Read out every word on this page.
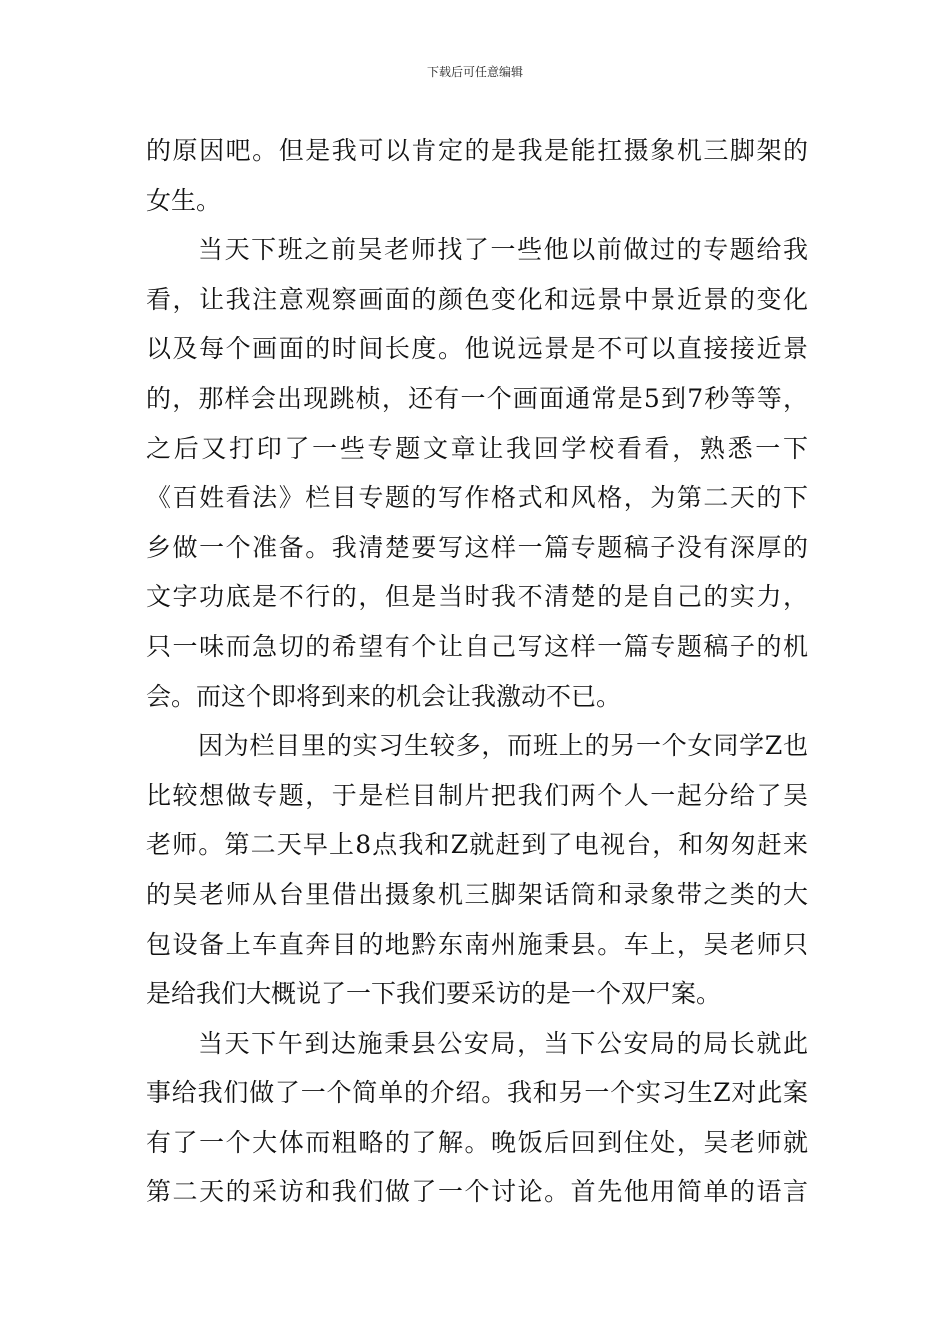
下载后可任意编辑
的原因吧。但是我可以肯定的是我是能扛摄象机三脚架的
女生。
当天下班之前吴老师找了一些他以前做过的专题给我
看，让我注意观察画面的颜色变化和远景中景近景的变化
以及每个画面的时间长度。他说远景是不可以直接接近景
的，那样会出现跳桢，还有一个画面通常是5到7秒等等，
之后又打印了一些专题文章让我回学校看看，熟悉一下
《百姓看法》栏目专题的写作格式和风格，为第二天的下
乡做一个准备。我清楚要写这样一篇专题稿子没有深厚的
文字功底是不行的，但是当时我不清楚的是自己的实力，
只一味而急切的希望有个让自己写这样一篇专题稿子的机
会。而这个即将到来的机会让我激动不已。
因为栏目里的实习生较多，而班上的另一个女同学Z也
比较想做专题，于是栏目制片把我们两个人一起分给了吴
老师。第二天早上8点我和Z就赶到了电视台，和匆匆赶来
的吴老师从台里借出摄象机三脚架话筒和录象带之类的大
包设备上车直奔目的地黔东南州施秉县。车上，吴老师只
是给我们大概说了一下我们要采访的是一个双尸案。
当天下午到达施秉县公安局，当下公安局的局长就此
事给我们做了一个简单的介绍。我和另一个实习生Z对此案
有了一个大体而粗略的了解。晚饭后回到住处，吴老师就
第二天的采访和我们做了一个讨论。首先他用简单的语言
